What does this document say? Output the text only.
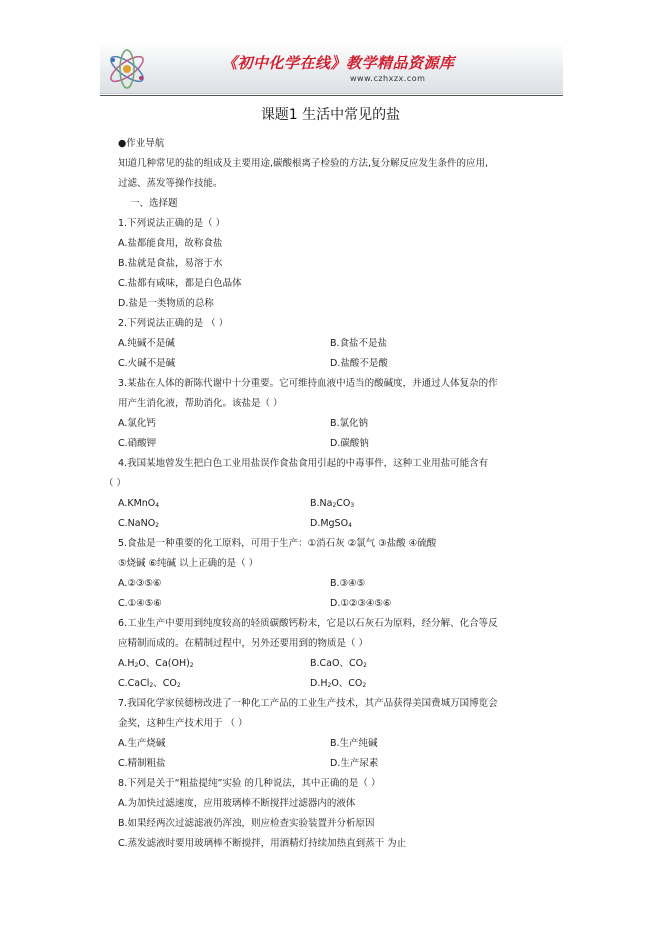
《初中化学在线》教学精品资源库
www.czhxzx.com
课题1 生活中常见的盐
●作业导航
知道几种常见的盐的组成及主要用途,碳酸根离子检验的方法,复分解反应发生条件的应用,
过滤、蒸发等操作技能。
一、选择题
1.下列说法正确的是（ ）
A.盐都能食用，故称食盐
B.盐就是食盐，易溶于水
C.盐都有咸味，都是白色晶体
D.盐是一类物质的总称
2.下列说法正确的是 （ ）
A.纯碱不是碱	B.食盐不是盐
C.火碱不是碱	D.盐酸不是酸
3.某盐在人体的新陈代谢中十分重要。它可维持血液中适当的酸碱度，并通过人体复杂的作
用产生消化液，帮助消化。该盐是（ ）
A.氯化钙	B.氯化钠
C.硝酸钾	D.碳酸钠
4.我国某地曾发生把白色工业用盐误作食盐食用引起的中毒事件，这种工业用盐可能含有
（ ）
A.KMnO$_4$	$B.Na_2CO_3$
C.NaNO$_2$	D.MgSO$_4$
5.食盐是一种重要的化工原料，可用于生产：①消石灰 ②氯气 ③盐酸 ④硫酸
⑤烧碱 ⑥纯碱 以上正确的是（ ）
A.②③⑤⑥	B.③④⑤
C.①④⑤⑥	D.①②③④⑤⑥
6.工业生产中要用到纯度较高的轻质碳酸钙粉末，它是以石灰石为原料，经分解、化合等反
应精制而成的。在精制过程中，另外还要用到的物质是（ ）
$A.H_2O$、$Ca(OH)_2$	B.CaO、$CO_2$
C.CaCl$_2$、$CO_2$	$D.H_2O$、$CO_2$
7.我国化学家侯德榜改进了一种化工产品的工业生产技术，其产品获得美国费城万国博览会
金奖，这种生产技术用于 （ ）
A.生产烧碱	B.生产纯碱
C.精制粗盐	D.生产尿素
8.下列是关于“粗盐提纯”实验 的几种说法，其中正确的是（ ）
A.为加快过滤速度，应用玻璃棒不断搅拌过滤器内的液体
B.如果经两次过滤滤液仍浑浊，则应检查实验装置并分析原因
C.蒸发滤液时要用玻璃棒不断搅拌，用酒精灯持续加热直到蒸干 为止
